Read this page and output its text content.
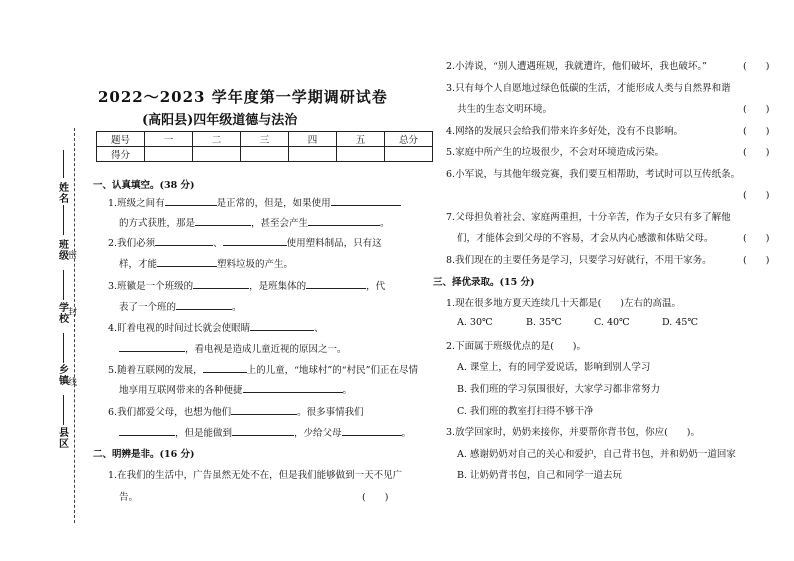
姓名
班级
学校
乡镇
县区
密
封
线
2022～2023 学年度第一学期调研试卷
(高阳县)四年级道德与法治
题号	一	二	三	四	五	总分
得分						
一、认真填空。(38 分)
1.班级之间有	是正常的，但是，如果使用
的方式获胜，那是	，甚至会产生	。
2.我们必须	、	使用塑料制品，只有这
样，才能	塑料垃圾的产生。
3.班徽是一个班级的	，是班集体的	，代
表了一个班的	。
4.盯着电视的时间过长就会使眼睛	、
，看电视是造成儿童近视的原因之一。
5.随着互联网的发展，	上的儿童，“地球村”的“村民”们正在尽情
地享用互联网带来的各种便捷	。
6.我们都爱父母，也想为他们	。很多事情我们
，但是能做到	，少给父母	。
二、明辨是非。(16 分)
1.在我们的生活中，广告虽然无处不在，但是我们能够做到一天不见广
告。	(　　)
2.小涛说，“别人遭遇班规，我就遭许，他们破坏，我也破坏。”	(　　)
3.只有每个人自愿地过绿色低碳的生活，才能形成人类与自然界和谐
共生的生态文明环境。	(　　)
4.网络的发展只会给我们带来许多好处，没有不良影响。	(　　)
5.家庭中所产生的垃圾很少，不会对环境造成污染。	(　　)
6.小军说，与其他年级竞赛，我们要互相帮助，考试时可以互传纸条。
(　　)
7.父母担负着社会、家庭两重担，十分辛苦，作为子女只有多了解他
们，才能体会到父母的不容易，才会从内心感激和体贴父母。	(　　)
8.我们现在的主要任务是学习，只要学习好就行，不用干家务。	(　　)
三、择优录取。(15 分)
1.现在很多地方夏天连续几十天都是(　　)左右的高温。
A. 30℃	B. 35℃	C. 40℃	D. 45℃
2.下面属于班级优点的是(　　)。
A. 课堂上，有的同学爱说话，影响到别人学习
B. 我们班的学习氛围很好，大家学习都非常努力
C. 我们班的教室打扫得不够干净
3.放学回家时，奶奶来接你，并要帮你背书包，你应(　　)。
A. 感谢奶奶对自己的关心和爱护，自己背书包，并和奶奶一道回家
B. 让奶奶背书包，自己和同学一道去玩
